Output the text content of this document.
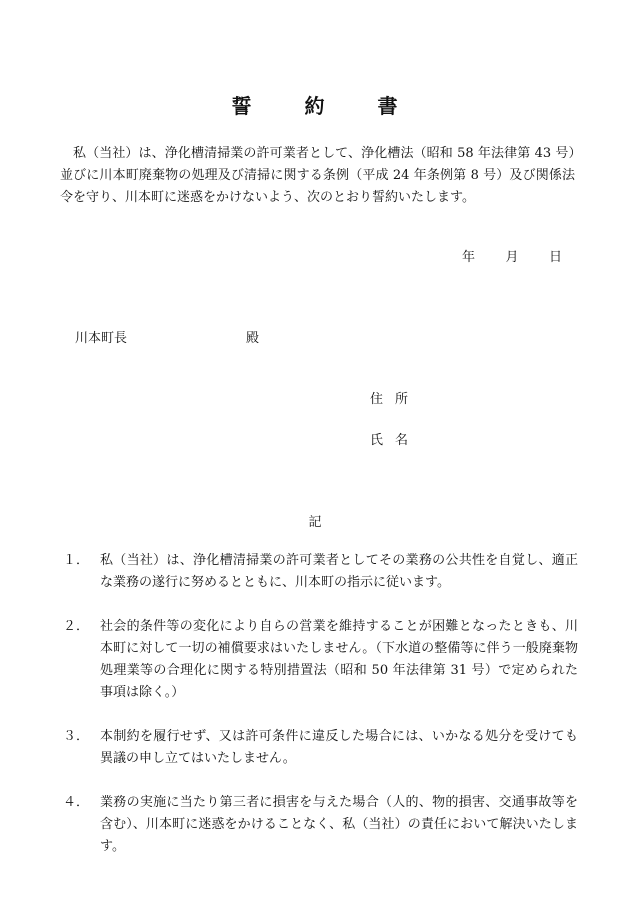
誓	約	書
私（当社）は、浄化槽清掃業の許可業者として、浄化槽法（昭和 58 年法律第 43 号）並びに川本町廃棄物の処理及び清掃に関する条例（平成 24 年条例第 8 号）及び関係法令を守り、川本町に迷惑をかけないよう、次のとおり誓約いたします。
年 月 日
川本町長	殿
住所
氏名
記
１． 私（当社）は、浄化槽清掃業の許可業者としてその業務の公共性を自覚し、適正な業務の遂行に努めるとともに、川本町の指示に従います。
２． 社会的条件等の変化により自らの営業を維持することが困難となったときも、川本町に対して一切の補償要求はいたしません。（下水道の整備等に伴う一般廃棄物処理業等の合理化に関する特別措置法（昭和 50 年法律第 31 号）で定められた事項は除く。）
３． 本制約を履行せず、又は許可条件に違反した場合には、いかなる処分を受けても異議の申し立てはいたしません。
４． 業務の実施に当たり第三者に損害を与えた場合（人的、物的損害、交通事故等を含む）、川本町に迷惑をかけることなく、私（当社）の責任において解決いたします。
